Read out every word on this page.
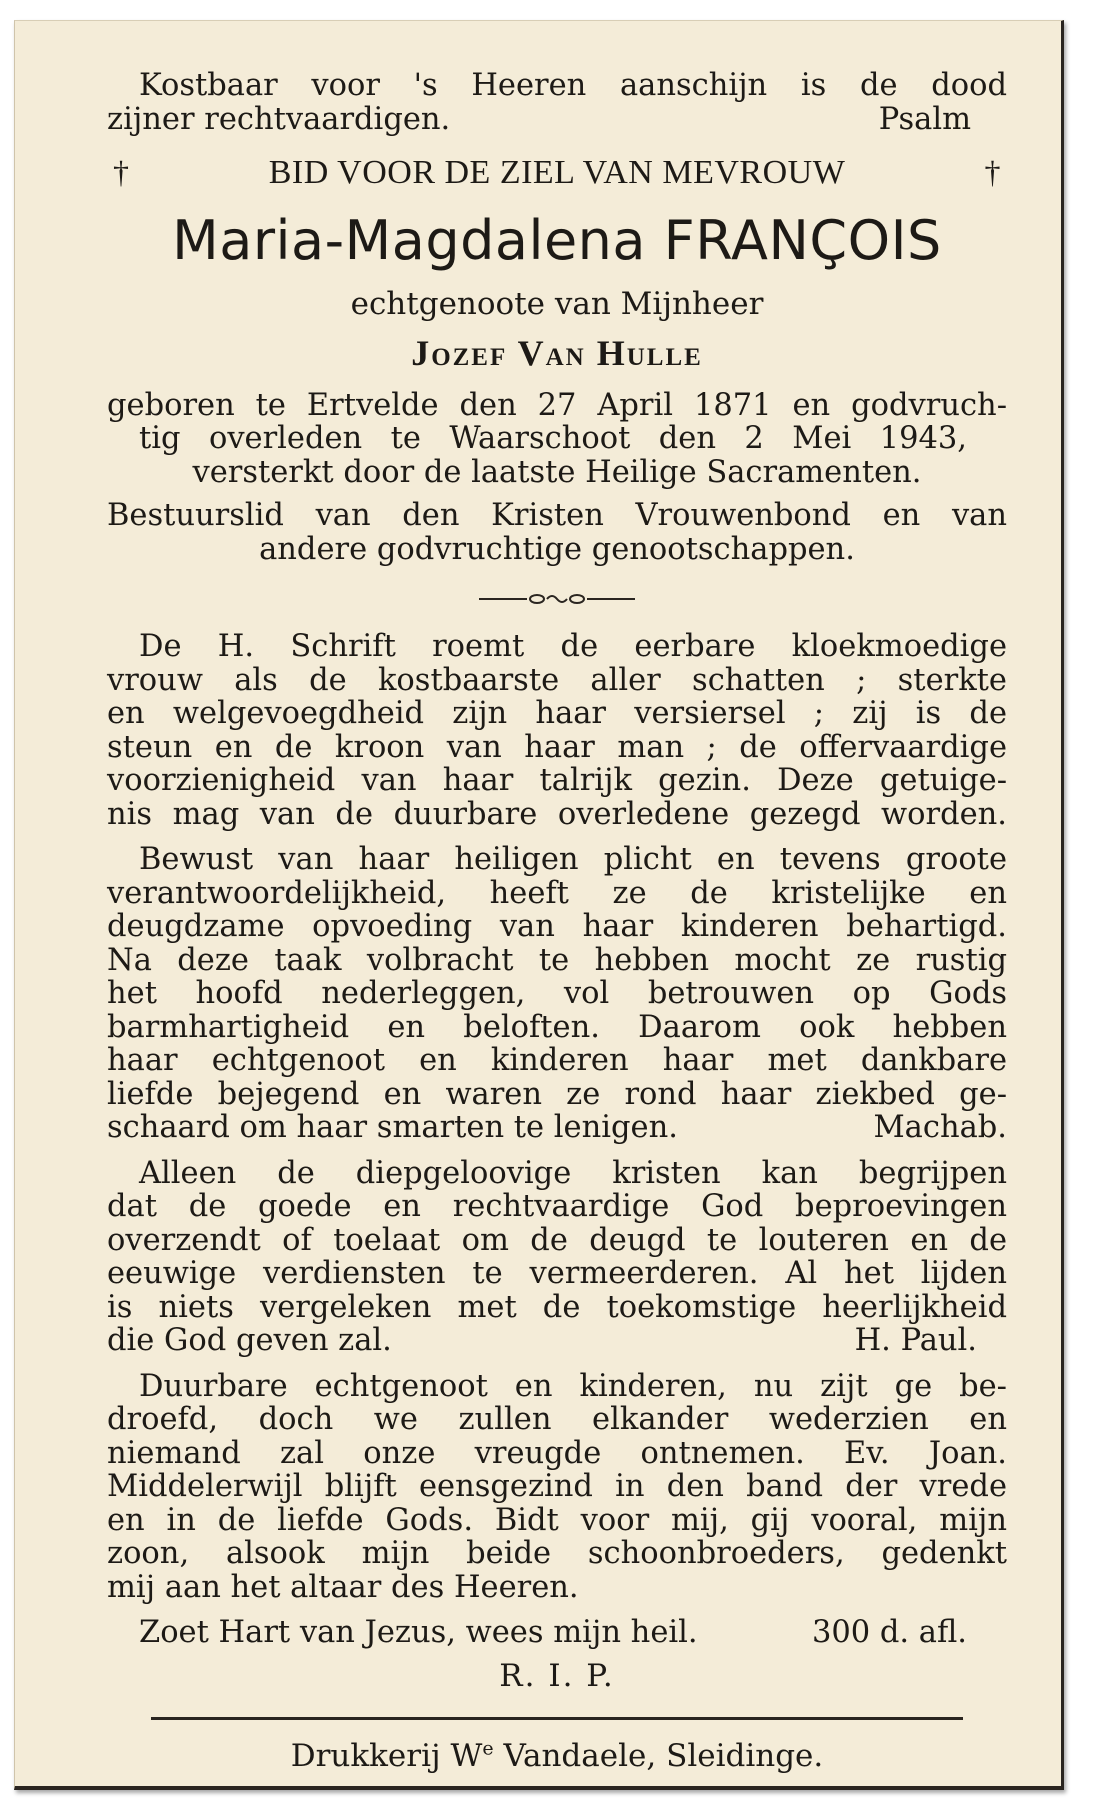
Kostbaar voor 's Heeren aanschijn is de dood
zijner rechtvaardigen.	Psalm
†	BID VOOR DE ZIEL VAN MEVROUW	†
Maria-Magdalena FRANÇOIS
echtgenoote van Mijnheer
Jozef Van Hulle
geboren te Ertvelde den 27 April 1871 en godvruch-
tig overleden te Waarschoot den 2 Mei 1943,
versterkt door de laatste Heilige Sacramenten.
Bestuurslid van den Kristen Vrouwenbond en van
andere godvruchtige genootschappen.
De H. Schrift roemt de eerbare kloekmoedige
vrouw als de kostbaarste aller schatten ; sterkte
en welgevoegdheid zijn haar versiersel ; zij is de
steun en de kroon van haar man ; de offervaardige
voorzienigheid van haar talrijk gezin. Deze getuige-
nis mag van de duurbare overledene gezegd worden.
Bewust van haar heiligen plicht en tevens groote
verantwoordelijkheid, heeft ze de kristelijke en
deugdzame opvoeding van haar kinderen behartigd.
Na deze taak volbracht te hebben mocht ze rustig
het hoofd nederleggen, vol betrouwen op Gods
barmhartigheid en beloften. Daarom ook hebben
haar echtgenoot en kinderen haar met dankbare
liefde bejegend en waren ze rond haar ziekbed ge-
schaard om haar smarten te lenigen.	Machab.
Alleen de diepgeloovige kristen kan begrijpen
dat de goede en rechtvaardige God beproevingen
overzendt of toelaat om de deugd te louteren en de
eeuwige verdiensten te vermeerderen. Al het lijden
is niets vergeleken met de toekomstige heerlijkheid
die God geven zal.	H. Paul.
Duurbare echtgenoot en kinderen, nu zijt ge be-
droefd, doch we zullen elkander wederzien en
niemand zal onze vreugde ontnemen. Ev. Joan.
Middelerwijl blijft eensgezind in den band der vrede
en in de liefde Gods. Bidt voor mij, gij vooral, mijn
zoon, alsook mijn beide schoonbroeders, gedenkt
mij aan het altaar des Heeren.
Zoet Hart van Jezus, wees mijn heil.	300 d. afl.
R. I. P.
Drukkerij $W^e$ Vandaele, Sleidinge.
